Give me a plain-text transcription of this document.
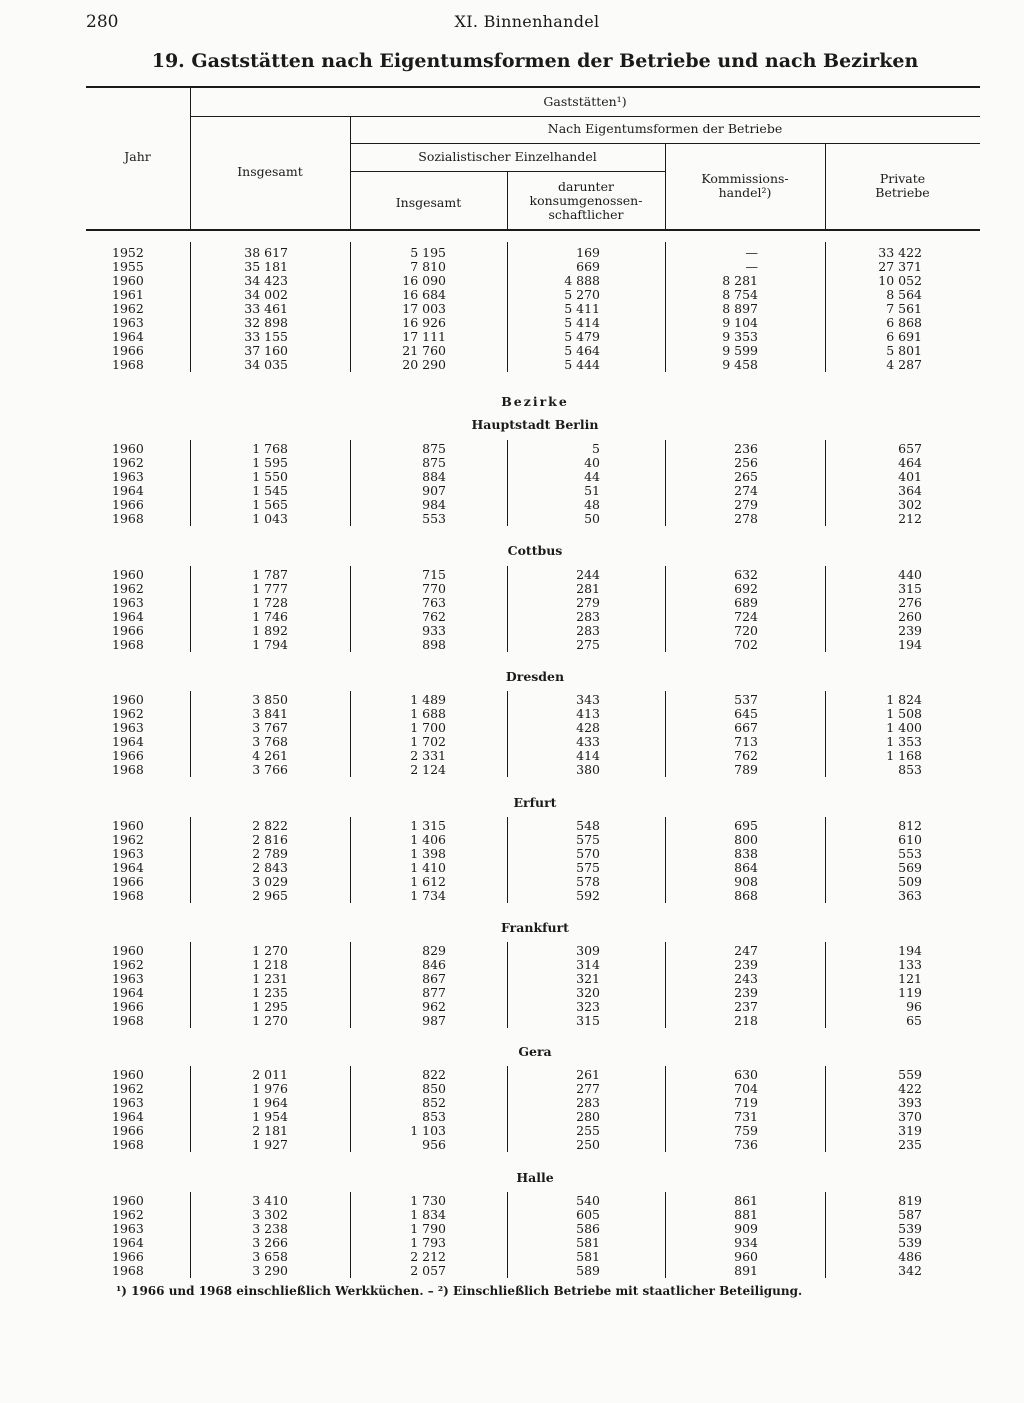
280	XI. Binnenhandel
19. Gaststätten nach Eigentumsformen der Betriebe und nach Bezirken
Jahr
Gaststätten¹)
Insgesamt
Nach Eigentumsformen der Betriebe
Sozialistischer Einzelhandel
Insgesamt
darunter
konsumgenossen-
schaftlicher
Kommissions-
handel²)
Private
Betriebe
1952	38 617	5 195	169	—	33 422
1955	35 181	7 810	669	—	27 371
1960	34 423	16 090	4 888	8 281	10 052
1961	34 002	16 684	5 270	8 754	8 564
1962	33 461	17 003	5 411	8 897	7 561
1963	32 898	16 926	5 414	9 104	6 868
1964	33 155	17 111	5 479	9 353	6 691
1966	37 160	21 760	5 464	9 599	5 801
1968	34 035	20 290	5 444	9 458	4 287
Bezirke
Hauptstadt Berlin
1960	1 768	875	5	236	657
1962	1 595	875	40	256	464
1963	1 550	884	44	265	401
1964	1 545	907	51	274	364
1966	1 565	984	48	279	302
1968	1 043	553	50	278	212
Cottbus
1960	1 787	715	244	632	440
1962	1 777	770	281	692	315
1963	1 728	763	279	689	276
1964	1 746	762	283	724	260
1966	1 892	933	283	720	239
1968	1 794	898	275	702	194
Dresden
1960	3 850	1 489	343	537	1 824
1962	3 841	1 688	413	645	1 508
1963	3 767	1 700	428	667	1 400
1964	3 768	1 702	433	713	1 353
1966	4 261	2 331	414	762	1 168
1968	3 766	2 124	380	789	853
Erfurt
1960	2 822	1 315	548	695	812
1962	2 816	1 406	575	800	610
1963	2 789	1 398	570	838	553
1964	2 843	1 410	575	864	569
1966	3 029	1 612	578	908	509
1968	2 965	1 734	592	868	363
Frankfurt
1960	1 270	829	309	247	194
1962	1 218	846	314	239	133
1963	1 231	867	321	243	121
1964	1 235	877	320	239	119
1966	1 295	962	323	237	96
1968	1 270	987	315	218	65
Gera
1960	2 011	822	261	630	559
1962	1 976	850	277	704	422
1963	1 964	852	283	719	393
1964	1 954	853	280	731	370
1966	2 181	1 103	255	759	319
1968	1 927	956	250	736	235
Halle
1960	3 410	1 730	540	861	819
1962	3 302	1 834	605	881	587
1963	3 238	1 790	586	909	539
1964	3 266	1 793	581	934	539
1966	3 658	2 212	581	960	486
1968	3 290	2 057	589	891	342
¹) 1966 und 1968 einschließlich Werkküchen. – ²) Einschließlich Betriebe mit staatlicher Beteiligung.
